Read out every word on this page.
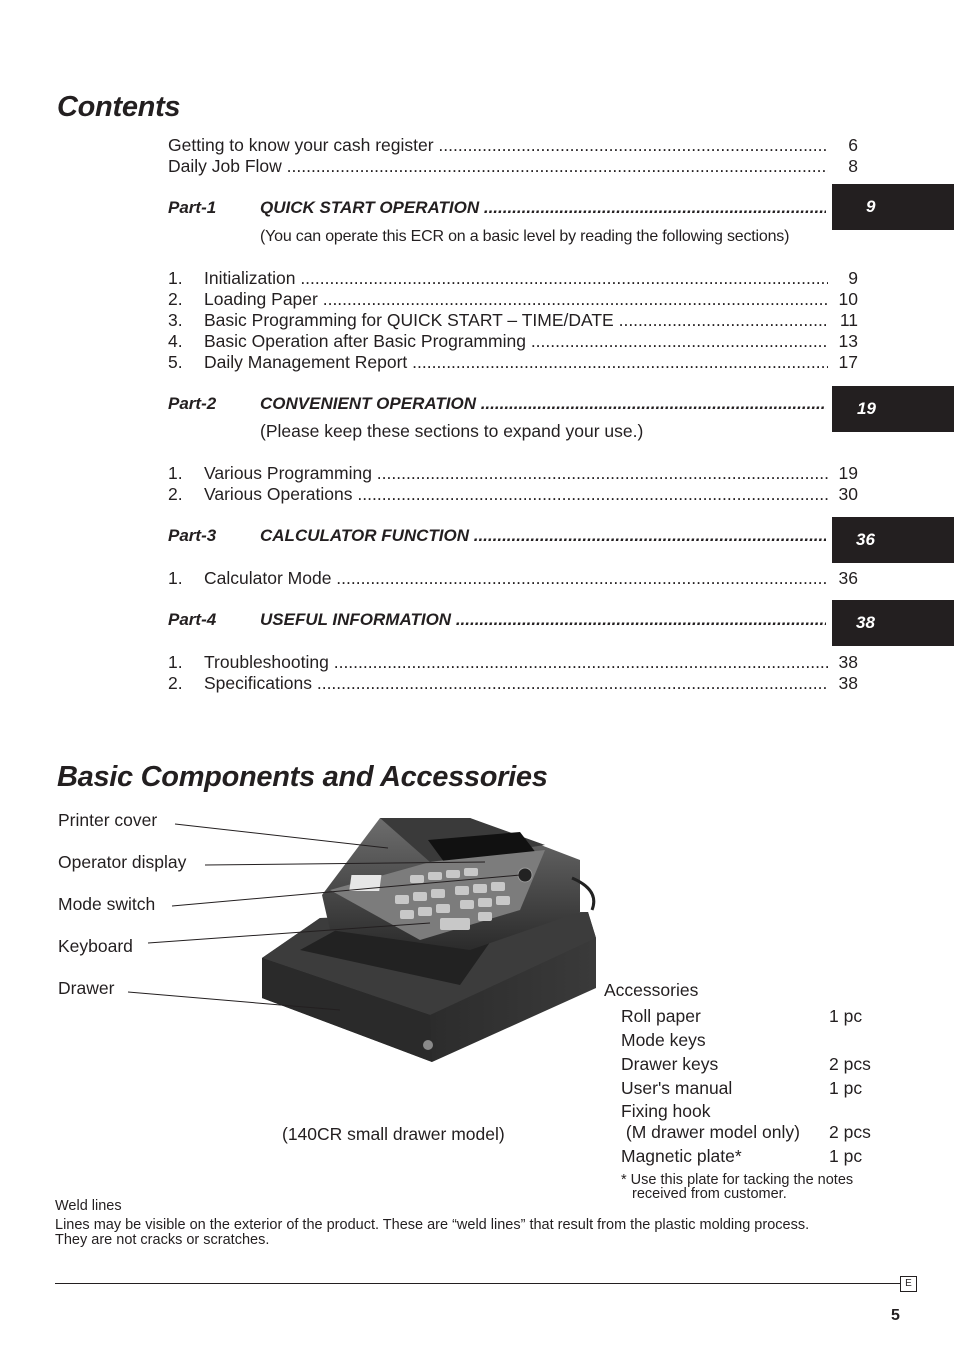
Contents
Getting to know your cash register .....	6
Daily Job Flow .....	8
Part-1	QUICK START OPERATION .....	9
(You can operate this ECR on a basic level by reading the following sections)
1.	Initialization .....	9
2.	Loading Paper .....	10
3.	Basic Programming for QUICK START – TIME/DATE .....	11
4.	Basic Operation after Basic Programming .....	13
5.	Daily Management Report .....	17
Part-2	CONVENIENT OPERATION .....	19
(Please keep these sections to expand your use.)
1.	Various Programming .....	19
2.	Various Operations .....	30
Part-3	CALCULATOR FUNCTION .....	36
1.	Calculator Mode .....	36
Part-4	USEFUL INFORMATION .....	38
1.	Troubleshooting .....	38
2.	Specifications .....	38
Basic Components and Accessories
Printer cover
Operator display
Mode switch
Keyboard
Drawer
(140CR small drawer model)
Accessories
Roll paper	1 pc
Mode keys
Drawer keys	2 pcs
User's manual	1 pc
Fixing hook
(M drawer model only) 2 pcs
Magnetic plate*	1 pc
* Use this plate for tacking the notes
received from customer.
Weld lines
Lines may be visible on the exterior of the product. These are “weld lines” that result from the plastic molding process.
They are not cracks or scratches.
E
5
